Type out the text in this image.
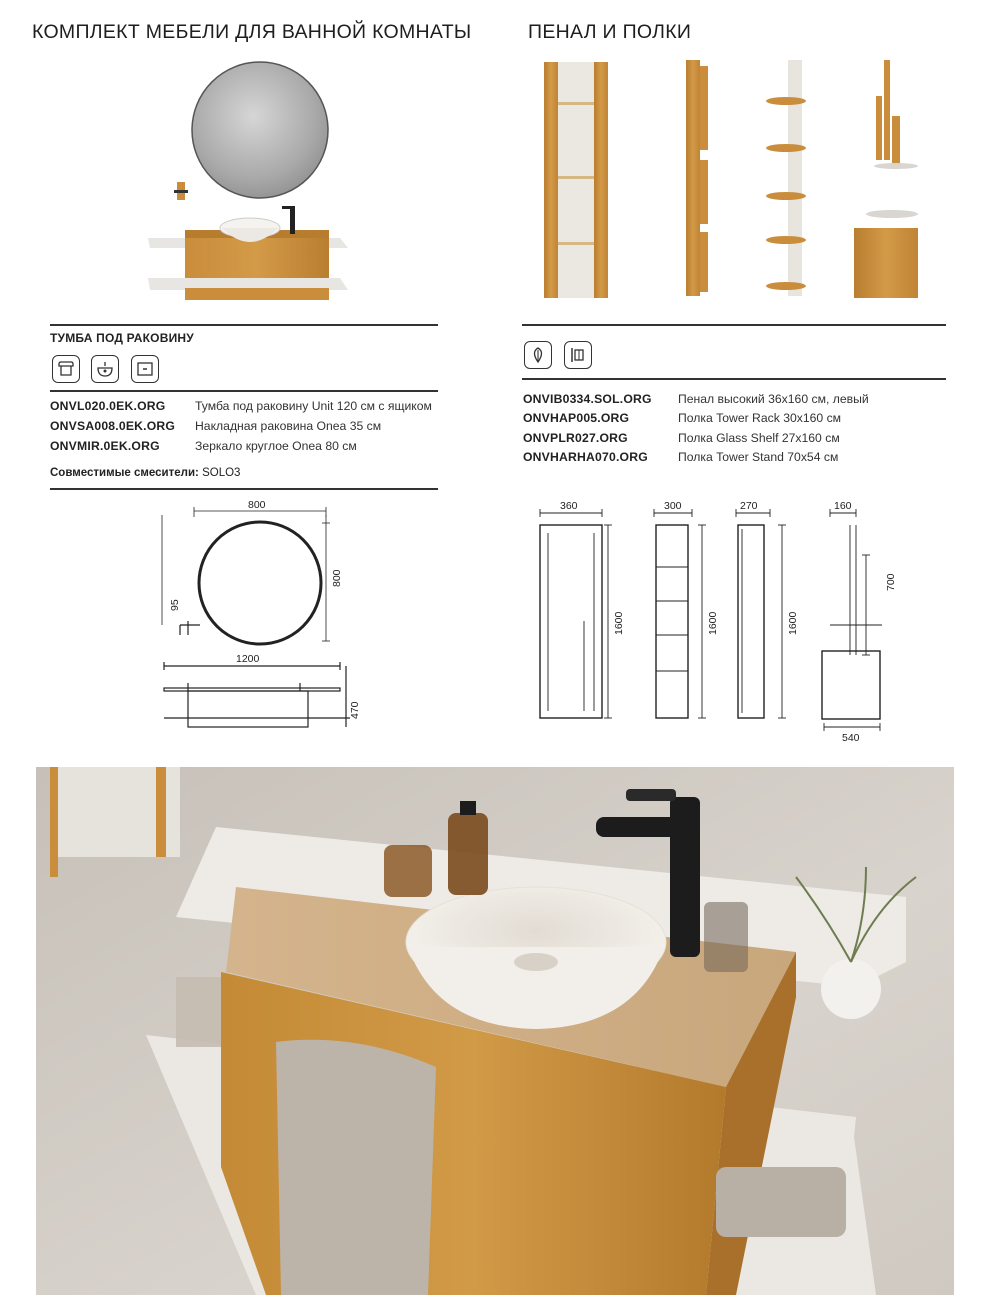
КОМПЛЕКТ МЕБЕЛИ ДЛЯ ВАННОЙ КОМНАТЫ
ТУМБА ПОД РАКОВИНУ
ONVL020.0EK.ORG	Тумба под раковину Unit 120 см с ящиком
ONVSA008.0EK.ORG	Накладная раковина Onea 35 см
ONVMIR.0EK.ORG	Зеркало круглое Onea 80 см
Совместимые смесители: SOLO3
800
800
95
1200
470
ПЕНАЛ И ПОЛКИ
ONVIB0334.SOL.ORG	Пенал высокий 36х160 см, левый
ONVHAP005.ORG	Полка Tower Rack 30x160 см
ONVPLR027.ORG	Полка Glass Shelf 27x160 см
ONVHARHA070.ORG	Полка Tower Stand 70x54 см
360
1600
300
1600
270
1600
160
700
540
